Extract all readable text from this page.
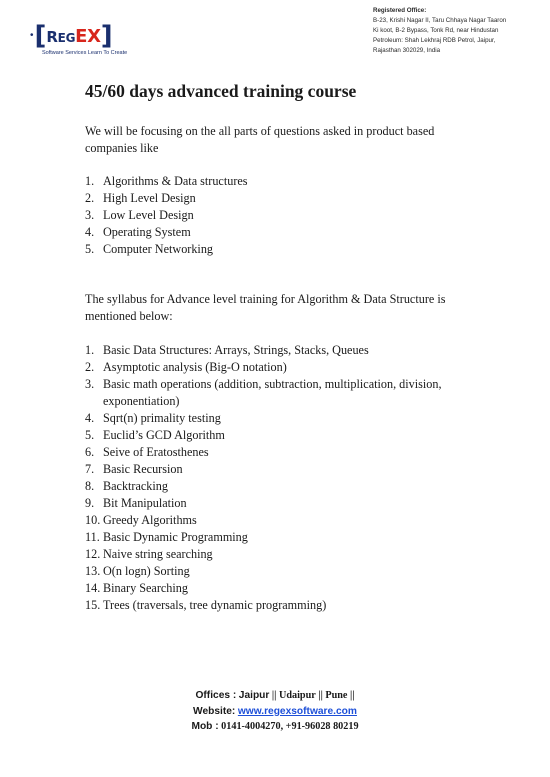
• [ REGEX ]
Software Services Learn To Create
Registered Office:
B-23, Krishi Nagar II, Taru Chhaya Nagar Taaron
Ki koot, B-2 Bypass, Tonk Rd, near Hindustan
Petroleum: Shah Lekhraj RDB Petrol, Jaipur,
Rajasthan 302029, India
45/60 days advanced training course
We will be focusing on the all parts of questions asked in product based companies like
1. Algorithms & Data structures
2. High Level Design
3. Low Level Design
4. Operating System
5. Computer Networking
The syllabus for Advance level training for Algorithm & Data Structure is mentioned below:
1. Basic Data Structures: Arrays, Strings, Stacks, Queues
2. Asymptotic analysis (Big-O notation)
3. Basic math operations (addition, subtraction, multiplication, division, exponentiation)
4. Sqrt(n) primality testing
5. Euclid’s GCD Algorithm
6. Seive of Eratosthenes
7. Basic Recursion
8. Backtracking
9. Bit Manipulation
10. Greedy Algorithms
11. Basic Dynamic Programming
12. Naive string searching
13. O(n logn) Sorting
14. Binary Searching
15. Trees (traversals, tree dynamic programming)
Offices : Jaipur || Udaipur || Pune ||
Website: www.regexsoftware.com
Mob : 0141-4004270, +91-96028 80219
